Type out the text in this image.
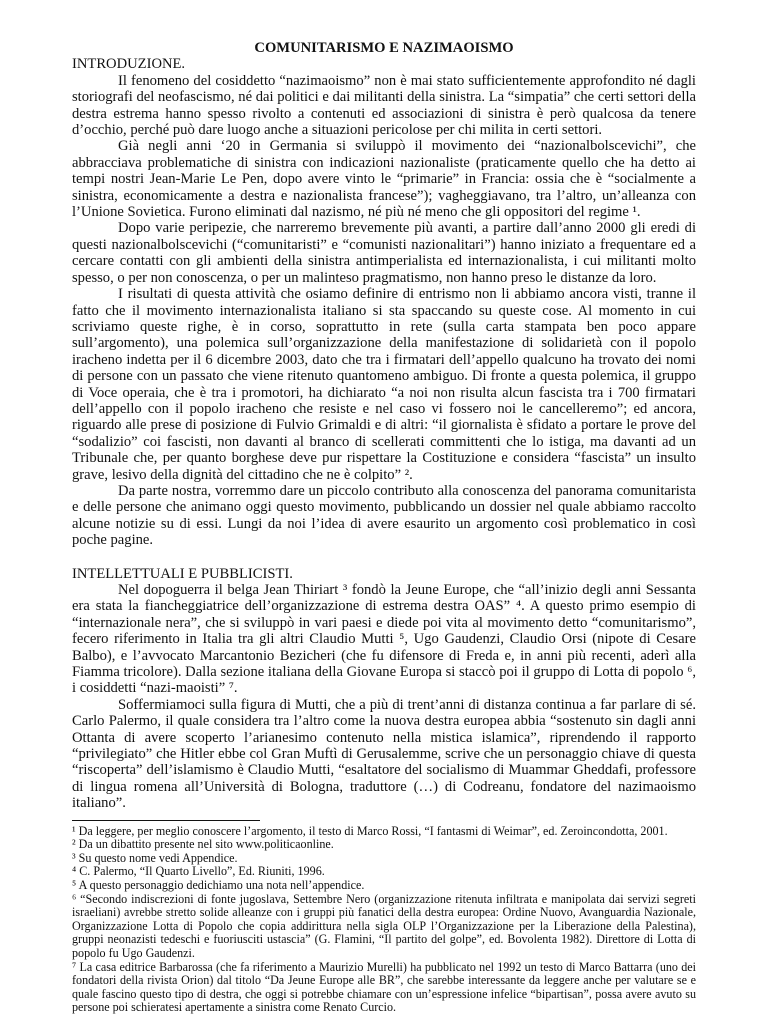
COMUNITARISMO E NAZIMAOISMO
INTRODUZIONE.

Il fenomeno del cosiddetto “nazimaoismo” non è mai stato sufficientemente approfondito né dagli storiografi del neofascismo, né dai politici e dai militanti della sinistra. La “simpatia” che certi settori della destra estrema hanno spesso rivolto a contenuti ed associazioni di sinistra è però qualcosa da tenere d’occhio, perché può dare luogo anche a situazioni pericolose per chi milita in certi settori.

Già negli anni ‘20 in Germania si sviluppò il movimento dei “nazionalbolscevichi”, che abbracciava problematiche di sinistra con indicazioni nazionaliste (praticamente quello che ha detto ai tempi nostri Jean-Marie Le Pen, dopo avere vinto le “primarie” in Francia: ossia che è “socialmente a sinistra, economicamente a destra e nazionalista francese”); vagheggiavano, tra l’altro, un’alleanza con l’Unione Sovietica. Furono eliminati dal nazismo, né più né meno che gli oppositori del regime ¹.

Dopo varie peripezie, che narreremo brevemente più avanti, a partire dall’anno 2000 gli eredi di questi nazionalbolscevichi (“comunitaristi” e “comunisti nazionalitari”) hanno iniziato a frequentare ed a cercare contatti con gli ambienti della sinistra antimperialista ed internazionalista, i cui militanti molto spesso, o per non conoscenza, o per un malinteso pragmatismo, non hanno preso le distanze da loro.

I risultati di questa attività che osiamo definire di entrismo non li abbiamo ancora visti, tranne il fatto che il movimento internazionalista italiano si sta spaccando su queste cose. Al momento in cui scriviamo queste righe, è in corso, soprattutto in rete (sulla carta stampata ben poco appare sull’argomento), una polemica sull’organizzazione della manifestazione di solidarietà con il popolo iracheno indetta per il 6 dicembre 2003, dato che tra i firmatari dell’appello qualcuno ha trovato dei nomi di persone con un passato che viene ritenuto quantomeno ambiguo. Di fronte a questa polemica, il gruppo di Voce operaia, che è tra i promotori, ha dichiarato “a noi non risulta alcun fascista tra i 700 firmatari dell’appello con il popolo iracheno che resiste e nel caso vi fossero noi le cancelleremo”; ed ancora, riguardo alle prese di posizione di Fulvio Grimaldi e di altri: “il giornalista è sfidato a portare le prove del “sodalizio” coi fascisti, non davanti al branco di scellerati committenti che lo istiga, ma davanti ad un Tribunale che, per quanto borghese deve pur rispettare la Costituzione e considera “fascista” un insulto grave, lesivo della dignità del cittadino che ne è colpito” ².

Da parte nostra, vorremmo dare un piccolo contributo alla conoscenza del panorama comunitarista e delle persone che animano oggi questo movimento, pubblicando un dossier nel quale abbiamo raccolto alcune notizie su di essi. Lungi da noi l’idea di avere esaurito un argomento così problematico in così poche pagine.

INTELLETTUALI E PUBBLICISTI.

Nel dopoguerra il belga Jean Thiriart ³ fondò la Jeune Europe, che “all’inizio degli anni Sessanta era stata la fiancheggiatrice dell’organizzazione di estrema destra OAS” ⁴. A questo primo esempio di “internazionale nera”, che si sviluppò in vari paesi e diede poi vita al movimento detto “comunitarismo”, fecero riferimento in Italia tra gli altri Claudio Mutti ⁵, Ugo Gaudenzi, Claudio Orsi (nipote di Cesare Balbo), e l’avvocato Marcantonio Bezicheri (che fu difensore di Freda e, in anni più recenti, aderì alla Fiamma tricolore). Dalla sezione italiana della Giovane Europa si staccò poi il gruppo di Lotta di popolo ⁶, i cosiddetti “nazi-maoisti” ⁷.

Soffermiamoci sulla figura di Mutti, che a più di trent’anni di distanza continua a far parlare di sé. Carlo Palermo, il quale considera tra l’altro come la nuova destra europea abbia “sostenuto sin dagli anni Ottanta di avere scoperto l’arianesimo contenuto nella mistica islamica”, riprendendo il rapporto “privilegiato” che Hitler ebbe col Gran Muftì di Gerusalemme, scrive che un personaggio chiave di questa “riscoperta” dell’islamismo è Claudio Mutti, “esaltatore del socialismo di Muammar Gheddafi, professore di lingua romena all’Università di Bologna, traduttore (…) di Codreanu, fondatore del nazimaoismo italiano”.

¹ Da leggere, per meglio conoscere l’argomento, il testo di Marco Rossi, “I fantasmi di Weimar”, ed. Zeroincondotta, 2001.

² Da un dibattito presente nel sito www.politicaonline.

³ Su questo nome vedi Appendice.

⁴ C. Palermo, “Il Quarto Livello”, Ed. Riuniti, 1996.

⁵ A questo personaggio dedichiamo una nota nell’appendice.

⁶ “Secondo indiscrezioni di fonte jugoslava, Settembre Nero (organizzazione ritenuta infiltrata e manipolata dai servizi segreti israeliani) avrebbe stretto solide alleanze con i gruppi più fanatici della destra europea: Ordine Nuovo, Avanguardia Nazionale, Organizzazione Lotta di Popolo che copia addirittura nella sigla OLP l’Organizzazione per la Liberazione della Palestina), gruppi neonazisti tedeschi e fuoriusciti ustascia” (G. Flamini, “Il partito del golpe”, ed. Bovolenta 1982). Direttore di Lotta di popolo fu Ugo Gaudenzi.

⁷ La casa editrice Barbarossa (che fa riferimento a Maurizio Murelli) ha pubblicato nel 1992 un testo di Marco Battarra (uno dei fondatori della rivista Orion) dal titolo “Da Jeune Europe alle BR”, che sarebbe interessante da leggere anche per valutare se e quale fascino questo tipo di destra, che oggi si potrebbe chiamare con un’espressione infelice “bipartisan”, possa avere avuto su persone poi schieratesi apertamente a sinistra come Renato Curcio.
